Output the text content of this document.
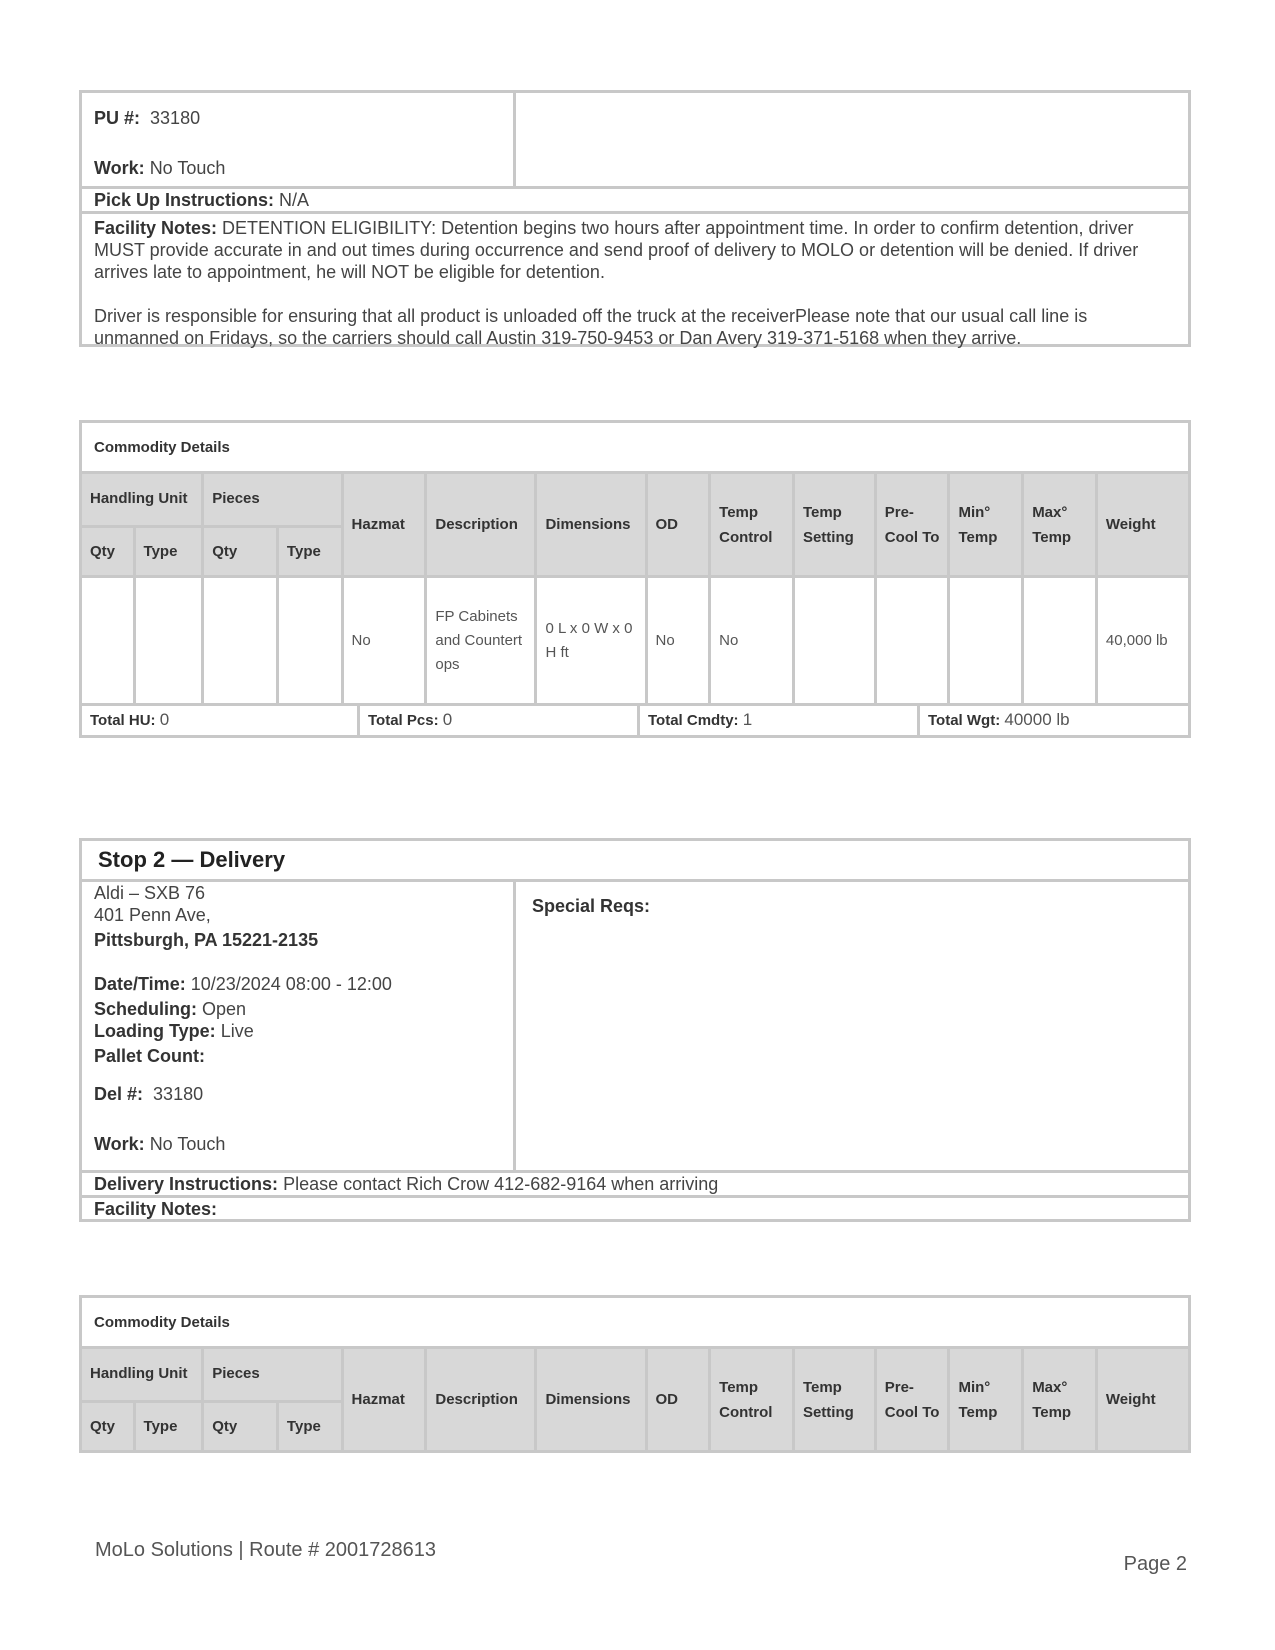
PU #: 33180
Work: No Touch
Pick Up Instructions: N/A

Facility Notes: DETENTION ELIGIBILITY: Detention begins two hours after appointment time. In order to confirm detention, driver MUST provide accurate in and out times during occurrence and send proof of delivery to MOLO or detention will be denied. If driver arrives late to appointment, he will NOT be eligible for detention.

Driver is responsible for ensuring that all product is unloaded off the truck at the receiverPlease note that our usual call line is unmanned on Fridays, so the carriers should call Austin 319-750-9453 or Dan Avery 319-371-5168 when they arrive.

Commodity Details													
Handling Unit		Pieces		Hazmat	Description	Dimensions	OD	Temp Control	Temp Setting	Pre-Cool To	Min° Temp	Max° Temp	Weight
Qty	Type	Qty	Type										
				No	FP Cabinets and Countertops	0 L x 0 W x 0 H ft	No	No					40,000 lb
Total HU: 0	Total Pcs: 0	Total Cmdty: 1	Total Wgt: 40000 lb
Stop 2 — Delivery
Aldi – SXB 76
401 Penn Ave,
Pittsburgh, PA 15221-2135
Date/Time: 10/23/2024 08:00 - 12:00
Scheduling: Open
Loading Type: Live
Pallet Count:
Del #: 33180
Work: No Touch
Special Reqs:
Delivery Instructions: Please contact Rich Crow 412-682-9164 when arriving
Facility Notes:
Commodity Details													
Handling Unit		Pieces		Hazmat	Description	Dimensions	OD	Temp Control	Temp Setting	Pre-Cool To	Min° Temp	Max° Temp	Weight
Qty	Type	Qty	Type										
MoLo Solutions | Route # 2001728613
Page 2
